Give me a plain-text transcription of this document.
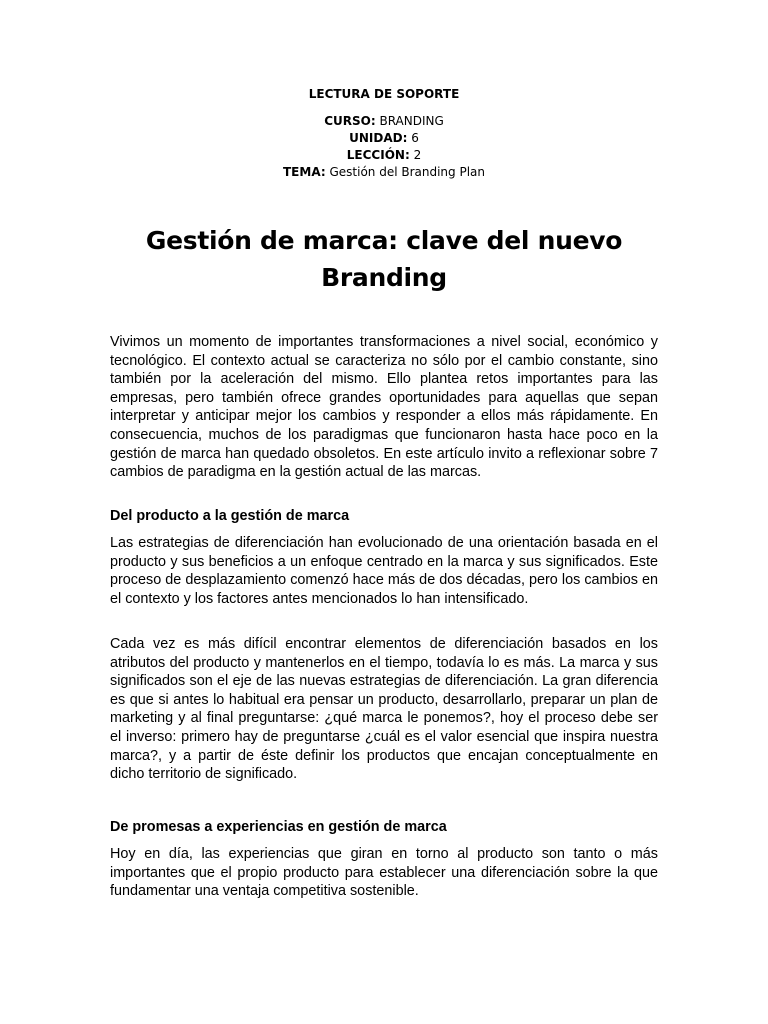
LECTURA DE SOPORTE
CURSO: BRANDING
UNIDAD: 6
LECCIÓN: 2
TEMA: Gestión del Branding Plan
Gestión de marca: clave del nuevo Branding

Vivimos un momento de importantes transformaciones a nivel social, económico y tecnológico. El contexto actual se caracteriza no sólo por el cambio constante, sino también por la aceleración del mismo. Ello plantea retos importantes para las empresas, pero también ofrece grandes oportunidades para aquellas que sepan interpretar y anticipar mejor los cambios y responder a ellos más rápidamente. En consecuencia, muchos de los paradigmas que funcionaron hasta hace poco en la gestión de marca han quedado obsoletos. En este artículo invito a reflexionar sobre 7 cambios de paradigma en la gestión actual de las marcas.

Del producto a la gestión de marca

Las estrategias de diferenciación han evolucionado de una orientación basada en el producto y sus beneficios a un enfoque centrado en la marca y sus significados. Este proceso de desplazamiento comenzó hace más de dos décadas, pero los cambios en el contexto y los factores antes mencionados lo han intensificado.

Cada vez es más difícil encontrar elementos de diferenciación basados en los atributos del producto y mantenerlos en el tiempo, todavía lo es más. La marca y sus significados son el eje de las nuevas estrategias de diferenciación. La gran diferencia es que si antes lo habitual era pensar un producto, desarrollarlo, preparar un plan de marketing y al final preguntarse: ¿qué marca le ponemos?, hoy el proceso debe ser el inverso: primero hay de preguntarse ¿cuál es el valor esencial que inspira nuestra marca?, y a partir de éste definir los productos que encajan conceptualmente en dicho territorio de significado.

De promesas a experiencias en gestión de marca

Hoy en día, las experiencias que giran en torno al producto son tanto o más importantes que el propio producto para establecer una diferenciación sobre la que fundamentar una ventaja competitiva sostenible.
